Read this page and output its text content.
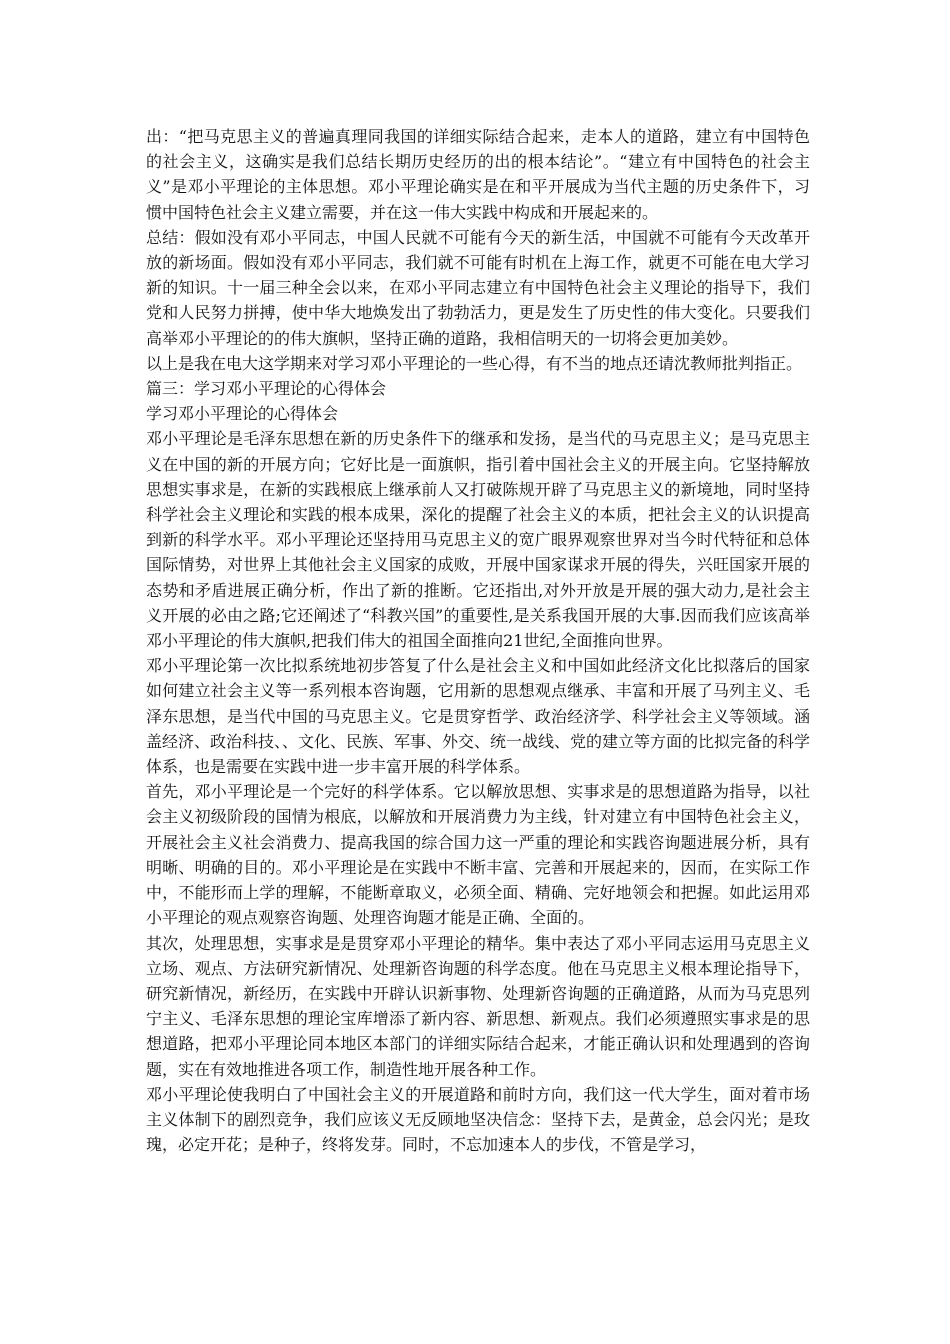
出：“把马克思主义的普遍真理同我国的详细实际结合起来，走本人的道路，建立有中国特色的社会主义，这确实是我们总结长期历史经历的出的根本结论”。“建立有中国特色的社会主义”是邓小平理论的主体思想。邓小平理论确实是在和平开展成为当代主题的历史条件下，习惯中国特色社会主义建立需要，并在这一伟大实践中构成和开展起来的。

总结：假如没有邓小平同志，中国人民就不可能有今天的新生活，中国就不可能有今天改革开放的新场面。假如没有邓小平同志，我们就不可能有时机在上海工作，就更不可能在电大学习新的知识。十一届三种全会以来，在邓小平同志建立有中国特色社会主义理论的指导下，我们党和人民努力拼搏，使中华大地焕发出了勃勃活力，更是发生了历史性的伟大变化。只要我们高举邓小平理论的的伟大旗帜，坚持正确的道路，我相信明天的一切将会更加美妙。

以上是我在电大这学期来对学习邓小平理论的一些心得，有不当的地点还请沈教师批判指正。

篇三：学习邓小平理论的心得体会

学习邓小平理论的心得体会

邓小平理论是毛泽东思想在新的历史条件下的继承和发扬，是当代的马克思主义；是马克思主义在中国的新的开展方向；它好比是一面旗帜，指引着中国社会主义的开展主向。它坚持解放思想实事求是，在新的实践根底上继承前人又打破陈规开辟了马克思主义的新境地，同时坚持科学社会主义理论和实践的根本成果，深化的提醒了社会主义的本质，把社会主义的认识提高到新的科学水平。邓小平理论还坚持用马克思主义的宽广眼界观察世界对当今时代特征和总体国际情势，对世界上其他社会主义国家的成败，开展中国家谋求开展的得失，兴旺国家开展的态势和矛盾进展正确分析，作出了新的推断。它还指出,对外开放是开展的强大动力,是社会主义开展的必由之路;它还阐述了“科教兴国”的重要性,是关系我国开展的大事.因而我们应该高举邓小平理论的伟大旗帜,把我们伟大的祖国全面推向21世纪,全面推向世界。

邓小平理论第一次比拟系统地初步答复了什么是社会主义和中国如此经济文化比拟落后的国家如何建立社会主义等一系列根本咨询题，它用新的思想观点继承、丰富和开展了马列主义、毛泽东思想，是当代中国的马克思主义。它是贯穿哲学、政治经济学、科学社会主义等领域。涵盖经济、政治科技、、文化、民族、军事、外交、统一战线、党的建立等方面的比拟完备的科学体系，也是需要在实践中进一步丰富开展的科学体系。

首先，邓小平理论是一个完好的科学体系。它以解放思想、实事求是的思想道路为指导，以社会主义初级阶段的国情为根底，以解放和开展消费力为主线，针对建立有中国特色社会主义，开展社会主义社会消费力、提高我国的综合国力这一严重的理论和实践咨询题进展分析，具有明晰、明确的目的。邓小平理论是在实践中不断丰富、完善和开展起来的，因而，在实际工作中，不能形而上学的理解，不能断章取义，必须全面、精确、完好地领会和把握。如此运用邓小平理论的观点观察咨询题、处理咨询题才能是正确、全面的。

其次，处理思想，实事求是是贯穿邓小平理论的精华。集中表达了邓小平同志运用马克思主义立场、观点、方法研究新情况、处理新咨询题的科学态度。他在马克思主义根本理论指导下，研究新情况，新经历，在实践中开辟认识新事物、处理新咨询题的正确道路，从而为马克思列宁主义、毛泽东思想的理论宝库增添了新内容、新思想、新观点。我们必须遵照实事求是的思想道路，把邓小平理论同本地区本部门的详细实际结合起来，才能正确认识和处理遇到的咨询题，实在有效地推进各项工作，制造性地开展各种工作。

邓小平理论使我明白了中国社会主义的开展道路和前时方向，我们这一代大学生，面对着市场主义体制下的剧烈竞争，我们应该义无反顾地坚决信念：坚持下去，是黄金，总会闪光；是玫瑰，必定开花；是种子，终将发芽。同时，不忘加速本人的步伐，不管是学习，
